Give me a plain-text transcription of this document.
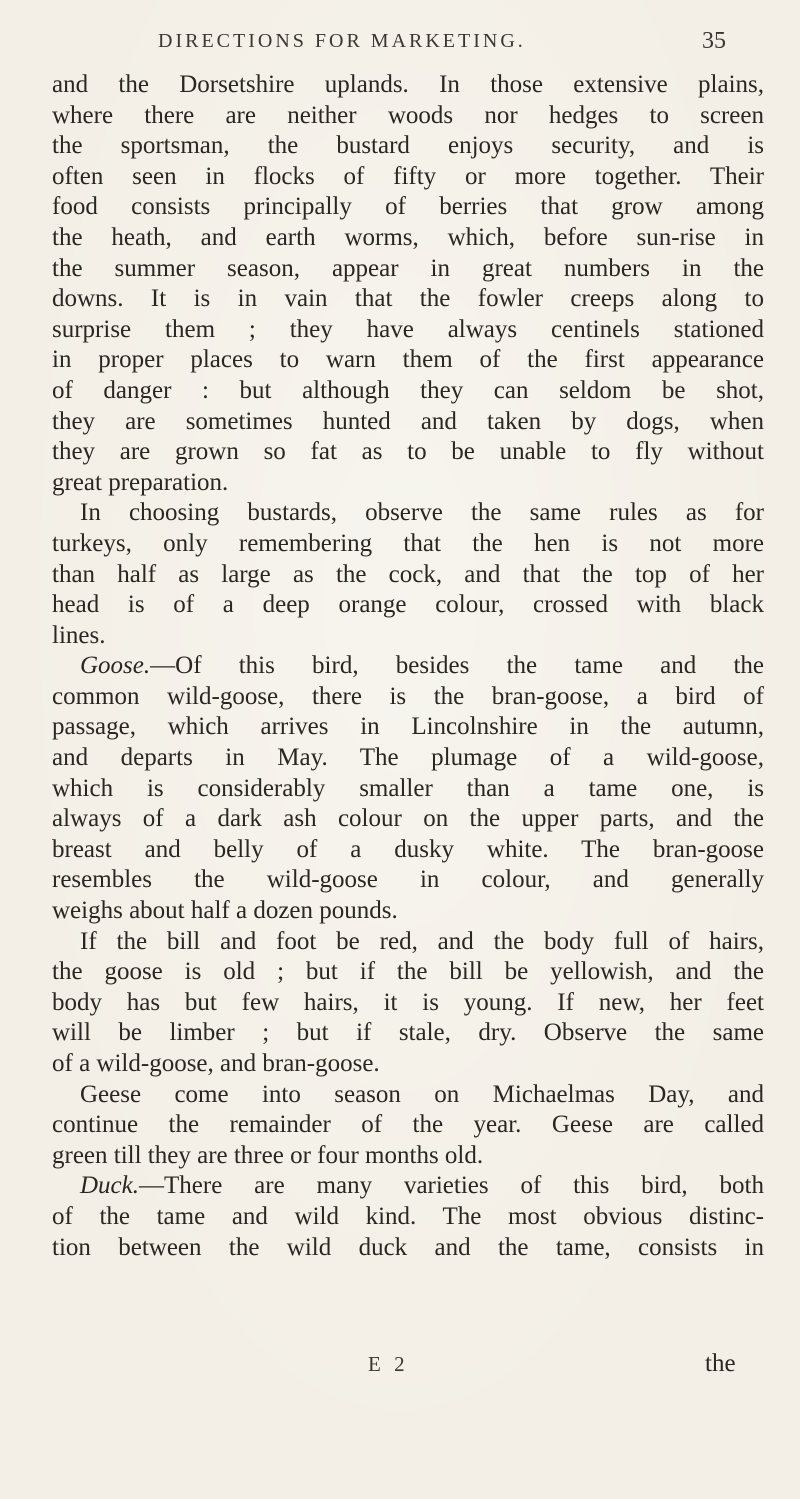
DIRECTIONS FOR MARKETING.	35
and the Dorsetshire uplands. In those extensive plains,
where there are neither woods nor hedges to screen
the sportsman, the bustard enjoys security, and is
often seen in flocks of fifty or more together. Their
food consists principally of berries that grow among
the heath, and earth worms, which, before sun-rise in
the summer season, appear in great numbers in the
downs. It is in vain that the fowler creeps along to
surprise them ; they have always centinels stationed
in proper places to warn them of the first appearance
of danger : but although they can seldom be shot,
they are sometimes hunted and taken by dogs, when
they are grown so fat as to be unable to fly without
great preparation.
In choosing bustards, observe the same rules as for
turkeys, only remembering that the hen is not more
than half as large as the cock, and that the top of her
head is of a deep orange colour, crossed with black
lines.
Goose.—Of this bird, besides the tame and the
common wild-goose, there is the bran-goose, a bird of
passage, which arrives in Lincolnshire in the autumn,
and departs in May. The plumage of a wild-goose,
which is considerably smaller than a tame one, is
always of a dark ash colour on the upper parts, and the
breast and belly of a dusky white. The bran-goose
resembles the wild-goose in colour, and generally
weighs about half a dozen pounds.
If the bill and foot be red, and the body full of hairs,
the goose is old ; but if the bill be yellowish, and the
body has but few hairs, it is young. If new, her feet
will be limber ; but if stale, dry. Observe the same
of a wild-goose, and bran-goose.
Geese come into season on Michaelmas Day, and
continue the remainder of the year. Geese are called
green till they are three or four months old.
Duck.—There are many varieties of this bird, both
of the tame and wild kind. The most obvious distinc-
tion between the wild duck and the tame, consists in
E 2	the
